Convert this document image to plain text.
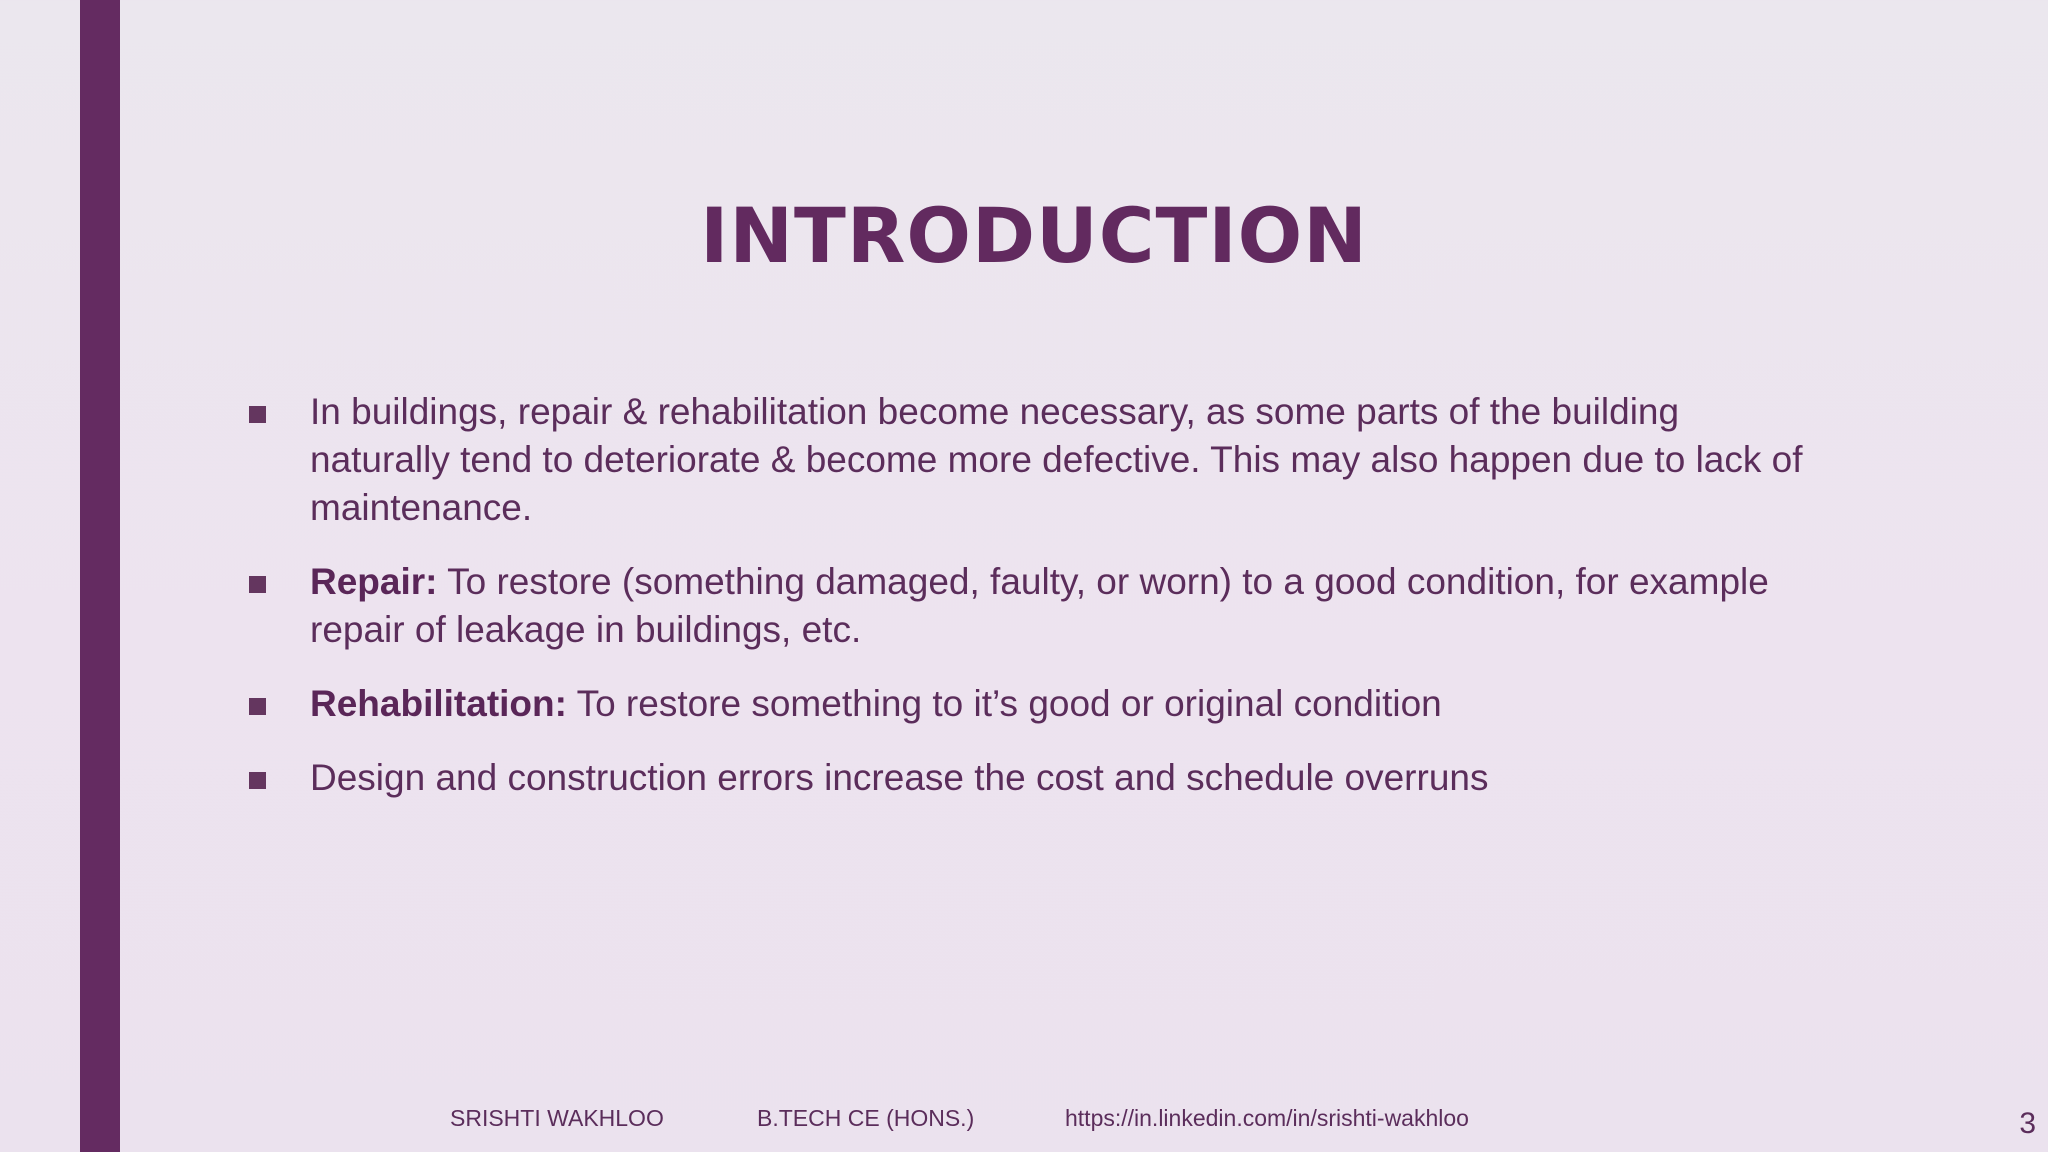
INTRODUCTION
In buildings, repair & rehabilitation become necessary, as some parts of the building naturally tend to deteriorate & become more defective. This may also happen due to lack of maintenance.
Repair: To restore (something damaged, faulty, or worn) to a good condition, for example repair of leakage in buildings, etc.
Rehabilitation: To restore something to it’s good or original condition
Design and construction errors increase the cost and schedule overruns
SRISHTI WAKHLOO	B.TECH CE (HONS.)	https://in.linkedin.com/in/srishti-wakhloo	3
